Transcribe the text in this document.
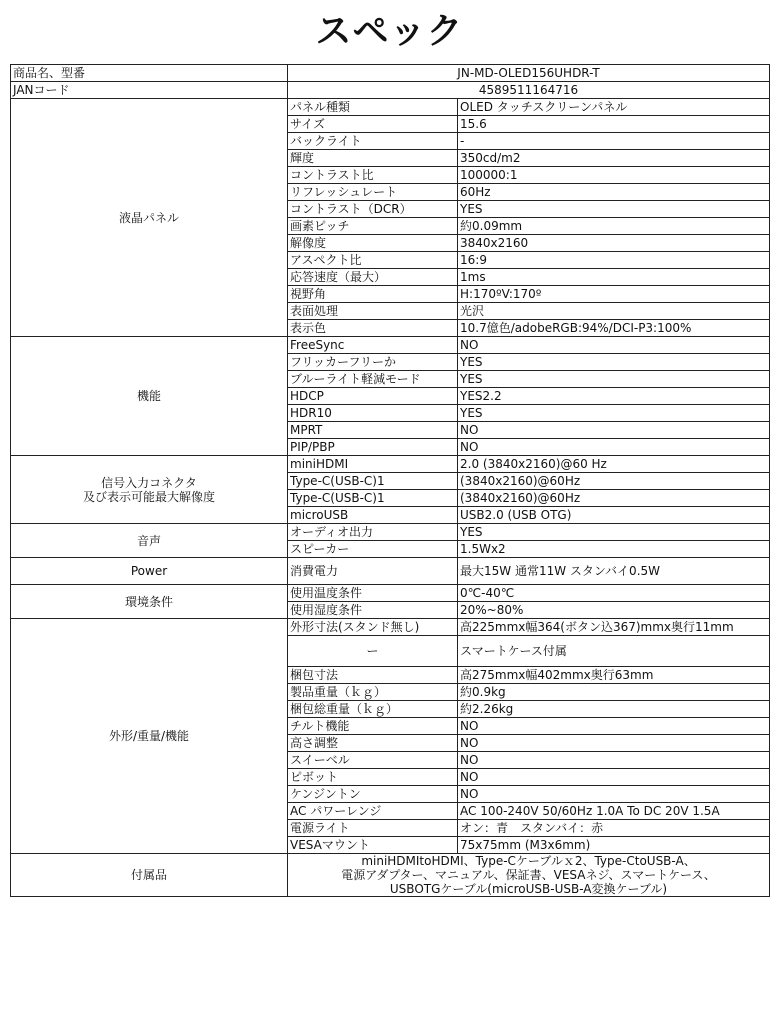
スペック
商品名、型番	JN-MD-OLED156UHDR-T	
JANコード	4589511164716	
液晶パネル	パネル種類	OLED タッチスクリーンパネル
	サイズ	15.6
	バックライト	-
	輝度	350cd/m2
	コントラスト比	100000:1
	リフレッシュレート	60Hz
	コントラスト（DCR）	YES
	画素ピッチ	約0.09mm
	解像度	3840x2160
	アスペクト比	16:9
	応答速度（最大）	1ms
	視野角	H:170ºV:170º
	表面処理	光沢
	表示色	10.7億色/adobeRGB:94%/DCI-P3:100%
機能	FreeSync	NO
	フリッカーフリーか	YES
	ブルーライト軽減モード	YES
	HDCP	YES2.2
	HDR10	YES
	MPRT	NO
	PIP/PBP	NO

信号入力コネクタ
及び表示可能最大解像度	miniHDMI	2.0 (3840x2160)@60 Hz
	Type-C(USB-C)1	(3840x2160)@60Hz
	Type-C(USB-C)1	(3840x2160)@60Hz
	microUSB	USB2.0 (USB OTG)
音声	オーディオ出力	YES
	スピーカー	1.5Wx2
Power	消費電力	最大15W 通常11W スタンバイ0.5W
環境条件	使用温度条件	0℃-40℃
	使用湿度条件	20%~80%
外形/重量/機能	外形寸法(スタンド無し)	高225mmx幅364(ボタン込367)mmx奥行11mm
	ー	スマートケース付属
	梱包寸法	高275mmx幅402mmx奥行63mm
	製品重量（ｋｇ）	約0.9kg
	梱包総重量（ｋｇ）	約2.26kg
	チルト機能	NO
	高さ調整	NO
	スイーベル	NO
	ピボット	NO
	ケンジントン	NO
	AC パワーレンジ	AC 100-240V 50/60Hz 1.0A To DC 20V 1.5A
	電源ライト	オン：青　スタンバイ：赤
	VESAマウント	75x75mm (M3x6mm)
付属品	miniHDMItoHDMI、Type-Cケーブルｘ2、Type-CtoUSB-A、
電源アダプター、マニュアル、保証書、VESAネジ、スマートケース、
USBOTGケーブル(microUSB-USB-A変換ケーブル)	
